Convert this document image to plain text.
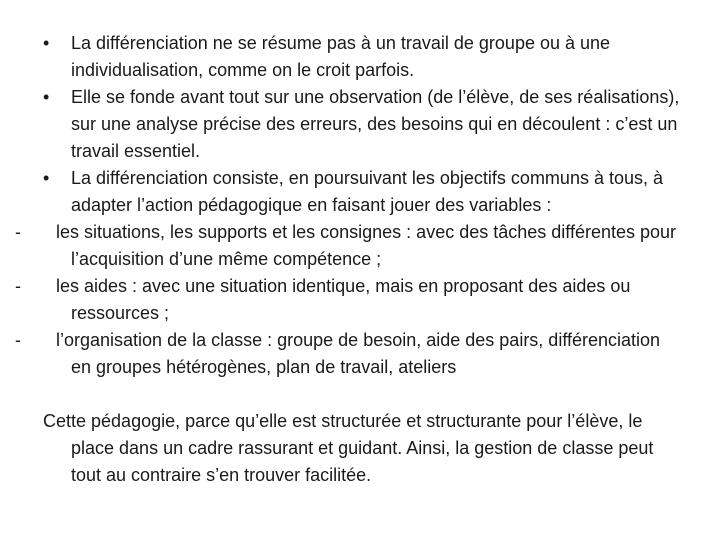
• La différenciation ne se résume pas à un travail de groupe ou à une individualisation, comme on le croit parfois.
• Elle se fonde avant tout sur une observation (de l’élève, de ses réalisations), sur une analyse précise des erreurs, des besoins qui en découlent : c’est un travail essentiel.
• La différenciation consiste, en poursuivant les objectifs communs à tous, à adapter l’action pédagogique en faisant jouer des variables :

- les situations, les supports et les consignes : avec des tâches différentes pour l’acquisition d’une même compétence ;

- les aides : avec une situation identique, mais en proposant des aides ou ressources ;

- l’organisation de la classe : groupe de besoin, aide des pairs, différenciation en groupes hétérogènes, plan de travail, ateliers

Cette pédagogie, parce qu’elle est structurée et structurante pour l’élève, le place dans un cadre rassurant et guidant. Ainsi, la gestion de classe peut tout au contraire s’en trouver facilitée.
